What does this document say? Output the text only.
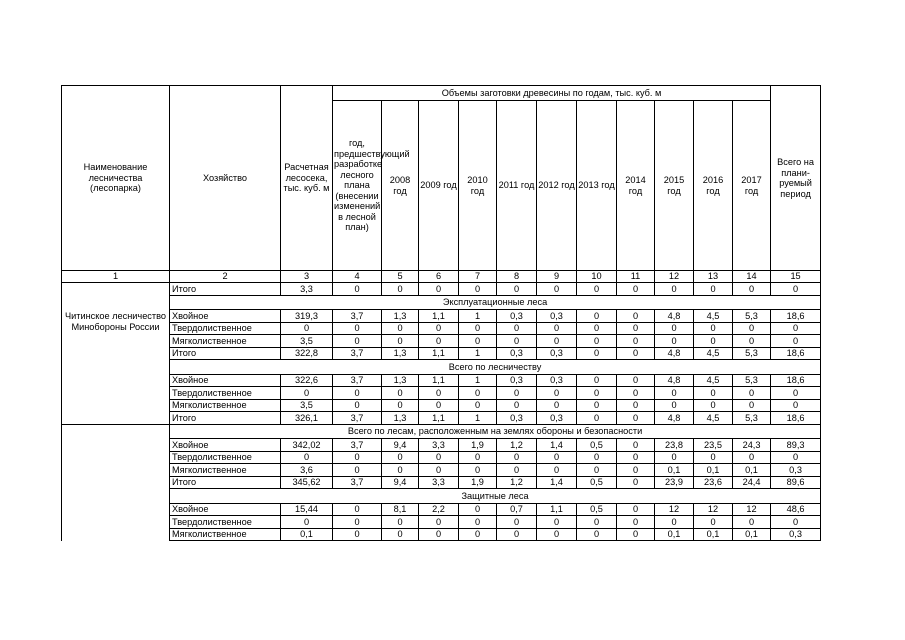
Наименование лесничества (лесопарка)	Хозяйство	Расчетная лесосека, тыс. куб. м	Объемы заготовки древесины по годам, тыс. куб. м											Всего на плани-руемый период
			год, предшествующий разработке лесного плана (внесении изменений в лесной план)	2008 год	2009 год	2010 год	2011 год	2012 год	2013 год	2014 год	2015 год	2016 год	2017 год	
1	2	3	4	5	6	7	8	9	10	11	12	13	14	15
Читинское лесничество Минобороны России	Итого	3,3	0	0	0	0	0	0	0	0	0	0	0	0
	Эксплуатационные леса													
	Хвойное	319,3	3,7	1,3	1,1	1	0,3	0,3	0	0	4,8	4,5	5,3	18,6
	Твердолиственное	0	0	0	0	0	0	0	0	0	0	0	0	0
	Мягколиственное	3,5	0	0	0	0	0	0	0	0	0	0	0	0
	Итого	322,8	3,7	1,3	1,1	1	0,3	0,3	0	0	4,8	4,5	5,3	18,6
	Всего по лесничеству													
	Хвойное	322,6	3,7	1,3	1,1	1	0,3	0,3	0	0	4,8	4,5	5,3	18,6
	Твердолиственное	0	0	0	0	0	0	0	0	0	0	0	0	0
	Мягколиственное	3,5	0	0	0	0	0	0	0	0	0	0	0	0
	Итого	326,1	3,7	1,3	1,1	1	0,3	0,3	0	0	4,8	4,5	5,3	18,6
	Всего по лесам, расположенным на землях обороны и безопасности													
	Хвойное	342,02	3,7	9,4	3,3	1,9	1,2	1,4	0,5	0	23,8	23,5	24,3	89,3
	Твердолиственное	0	0	0	0	0	0	0	0	0	0	0	0	0
	Мягколиственное	3,6	0	0	0	0	0	0	0	0	0,1	0,1	0,1	0,3
	Итого	345,62	3,7	9,4	3,3	1,9	1,2	1,4	0,5	0	23,9	23,6	24,4	89,6
	Защитные леса													
	Хвойное	15,44	0	8,1	2,2	0	0,7	1,1	0,5	0	12	12	12	48,6
	Твердолиственное	0	0	0	0	0	0	0	0	0	0	0	0	0
	Мягколиственное	0,1	0	0	0	0	0	0	0	0	0,1	0,1	0,1	0,3
